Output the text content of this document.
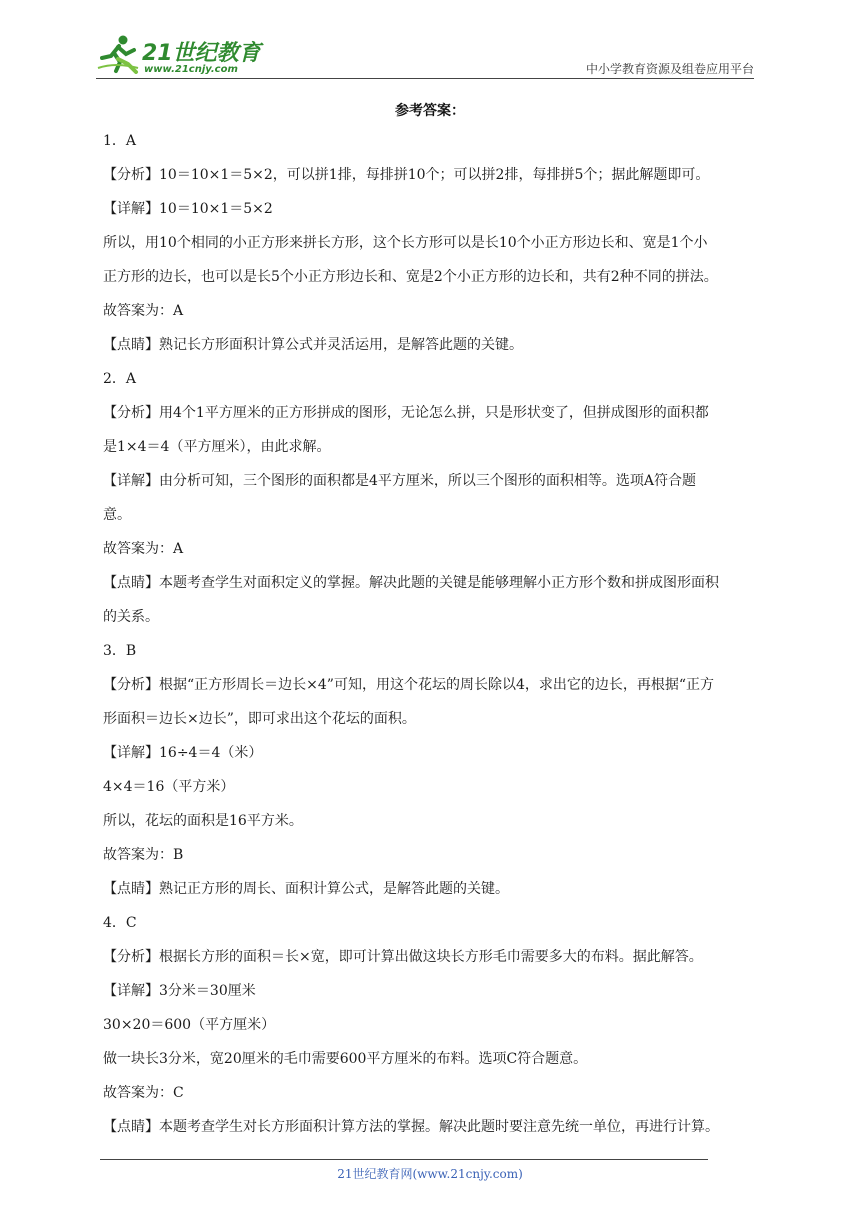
21世纪教育
www.21cnjy.com	中小学教育资源及组卷应用平台
参考答案：

1．A

【分析】10＝10×1＝5×2，可以拼1排，每排拼10个；可以拼2排，每排拼5个；据此解题即可。

【详解】10＝10×1＝5×2

所以，用10个相同的小正方形来拼长方形，这个长方形可以是长10个小正方形边长和、宽是1个小

正方形的边长，也可以是长5个小正方形边长和、宽是2个小正方形的边长和，共有2种不同的拼法。

故答案为：A

【点睛】熟记长方形面积计算公式并灵活运用，是解答此题的关键。

2．A

【分析】用4个1平方厘米的正方形拼成的图形，无论怎么拼，只是形状变了，但拼成图形的面积都

是1×4＝4（平方厘米），由此求解。

【详解】由分析可知，三个图形的面积都是4平方厘米，所以三个图形的面积相等。选项A符合题

意。

故答案为：A

【点睛】本题考查学生对面积定义的掌握。解决此题的关键是能够理解小正方形个数和拼成图形面积

的关系。

3．B

【分析】根据“正方形周长＝边长×4”可知，用这个花坛的周长除以4，求出它的边长，再根据“正方

形面积＝边长×边长”，即可求出这个花坛的面积。

【详解】16÷4＝4（米）

4×4＝16（平方米）

所以，花坛的面积是16平方米。

故答案为：B

【点睛】熟记正方形的周长、面积计算公式，是解答此题的关键。

4．C

【分析】根据长方形的面积＝长×宽，即可计算出做这块长方形毛巾需要多大的布料。据此解答。

【详解】3分米＝30厘米

30×20＝600（平方厘米）

做一块长3分米，宽20厘米的毛巾需要600平方厘米的布料。选项C符合题意。

故答案为：C

【点睛】本题考查学生对长方形面积计算方法的掌握。解决此题时要注意先统一单位，再进行计算。

21世纪教育网(www.21cnjy.com)
